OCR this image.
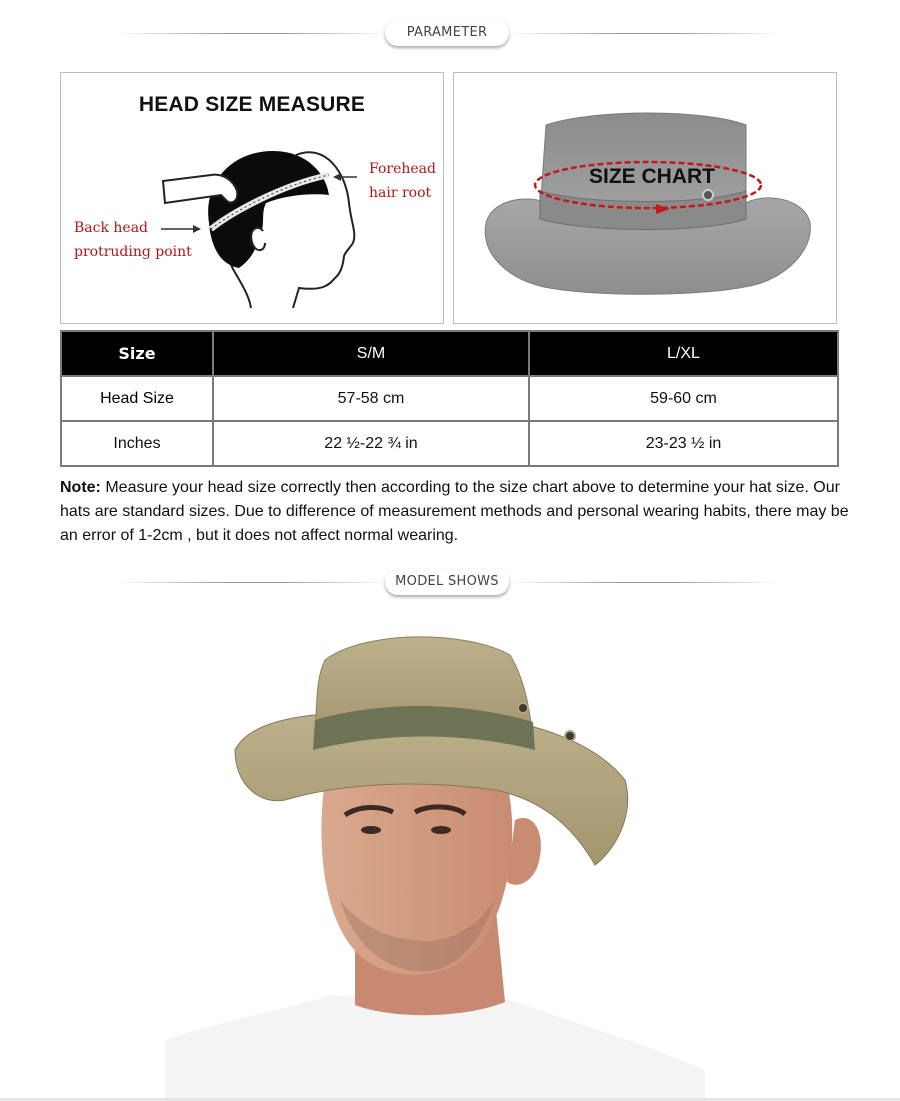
PARAMETER
HEAD SIZE MEASURE
Forehead
hair root
Back head
protruding point
SIZE CHART
Size	S/M	L/XL
Head Size	57-58 cm	59-60 cm
Inches	22 ½-22 ¾ in	23-23 ½ in
Note: Measure your head size correctly then according to the size chart above to determine your hat size. Our hats are standard sizes. Due to difference of measurement methods and personal wearing habits, there may be an error of 1-2cm , but it does not affect normal wearing.
MODEL SHOWS
